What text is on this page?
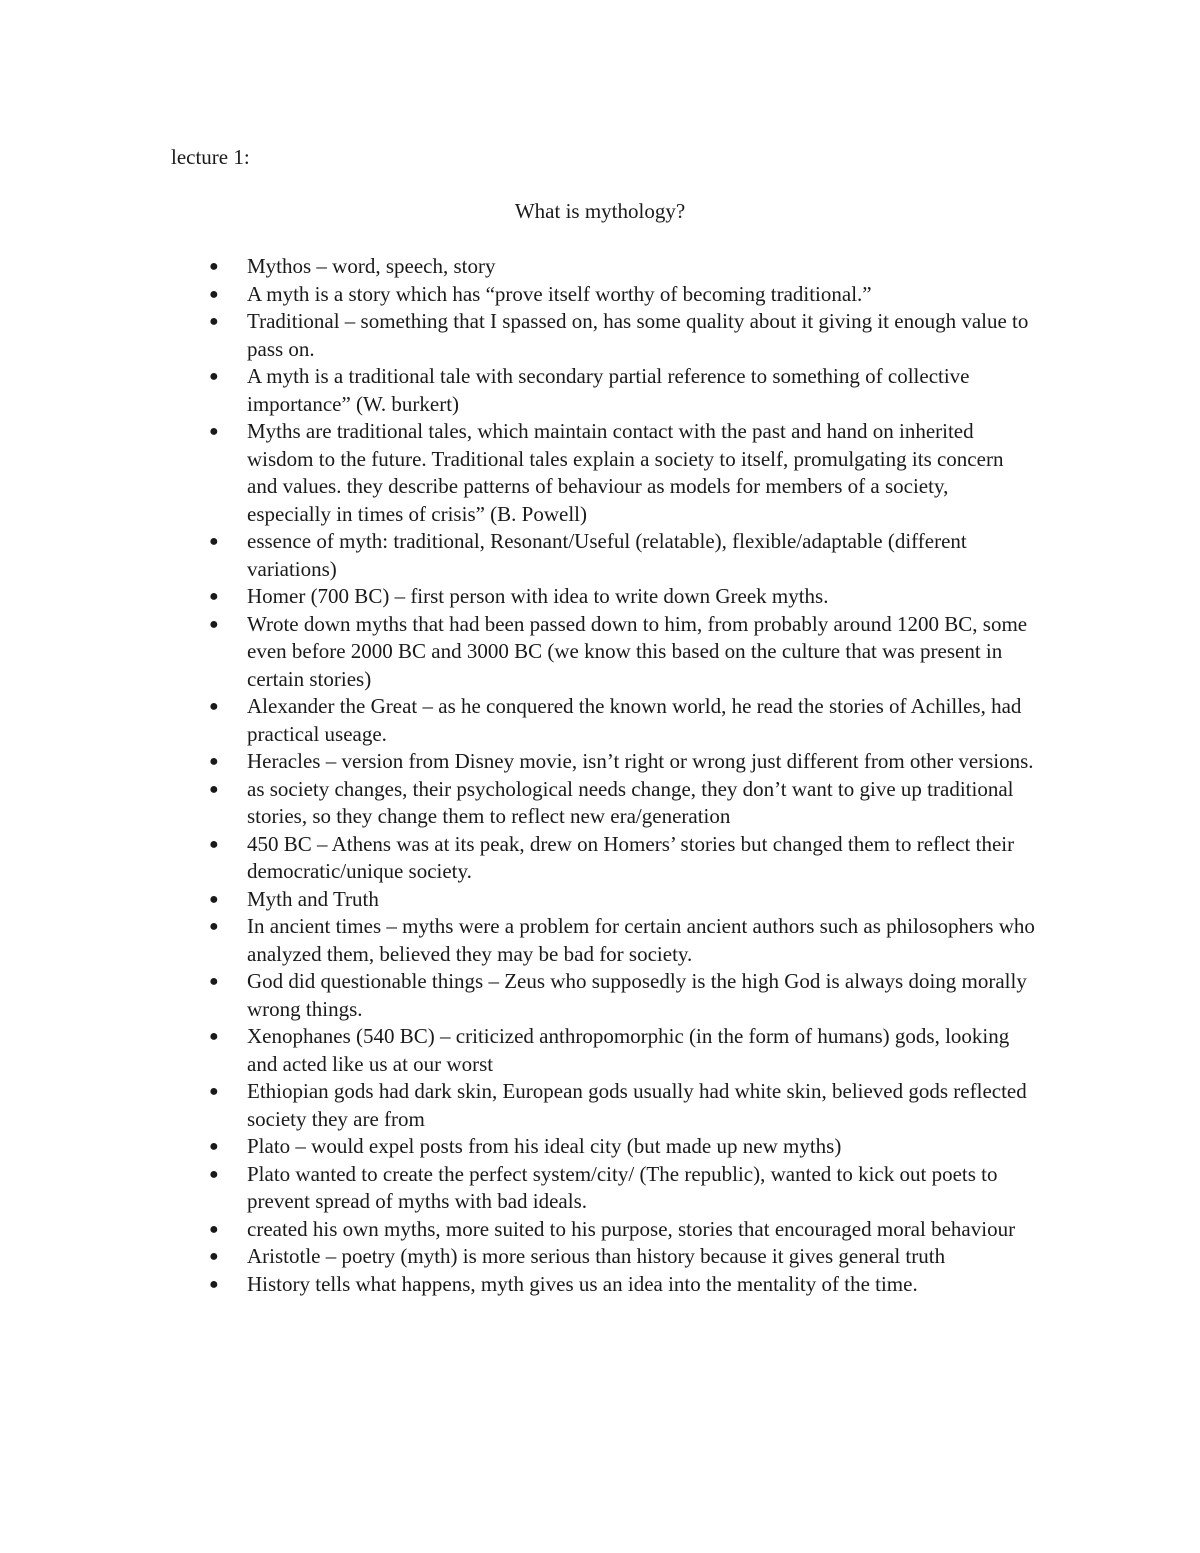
lecture 1:

What is mythology?
● Mythos – word, speech, story
● A myth is a story which has “prove itself worthy of becoming traditional.”
● Traditional – something that I spassed on, has some quality about it giving it enough value to pass on.
● A myth is a traditional tale with secondary partial reference to something of collective importance” (W. burkert)
● Myths are traditional tales, which maintain contact with the past and hand on inherited wisdom to the future. Traditional tales explain a society to itself, promulgating its concern and values. they describe patterns of behaviour as models for members of a society, especially in times of crisis” (B. Powell)
● essence of myth: traditional, Resonant/Useful (relatable), flexible/adaptable (different variations)
● Homer (700 BC) – first person with idea to write down Greek myths.
● Wrote down myths that had been passed down to him, from probably around 1200 BC, some even before 2000 BC and 3000 BC (we know this based on the culture that was present in certain stories)
● Alexander the Great – as he conquered the known world, he read the stories of Achilles, had practical useage.
● Heracles – version from Disney movie, isn’t right or wrong just different from other versions.
● as society changes, their psychological needs change, they don’t want to give up traditional stories, so they change them to reflect new era/generation
● 450 BC – Athens was at its peak, drew on Homers’ stories but changed them to reflect their democratic/unique society.
● Myth and Truth
● In ancient times – myths were a problem for certain ancient authors such as philosophers who analyzed them, believed they may be bad for society.
● God did questionable things – Zeus who supposedly is the high God is always doing morally wrong things.
● Xenophanes (540 BC) – criticized anthropomorphic (in the form of humans) gods, looking and acted like us at our worst
● Ethiopian gods had dark skin, European gods usually had white skin, believed gods reflected society they are from
● Plato – would expel posts from his ideal city (but made up new myths)
● Plato wanted to create the perfect system/city/ (The republic), wanted to kick out poets to prevent spread of myths with bad ideals.
● created his own myths, more suited to his purpose, stories that encouraged moral behaviour
● Aristotle – poetry (myth) is more serious than history because it gives general truth
● History tells what happens, myth gives us an idea into the mentality of the time.
